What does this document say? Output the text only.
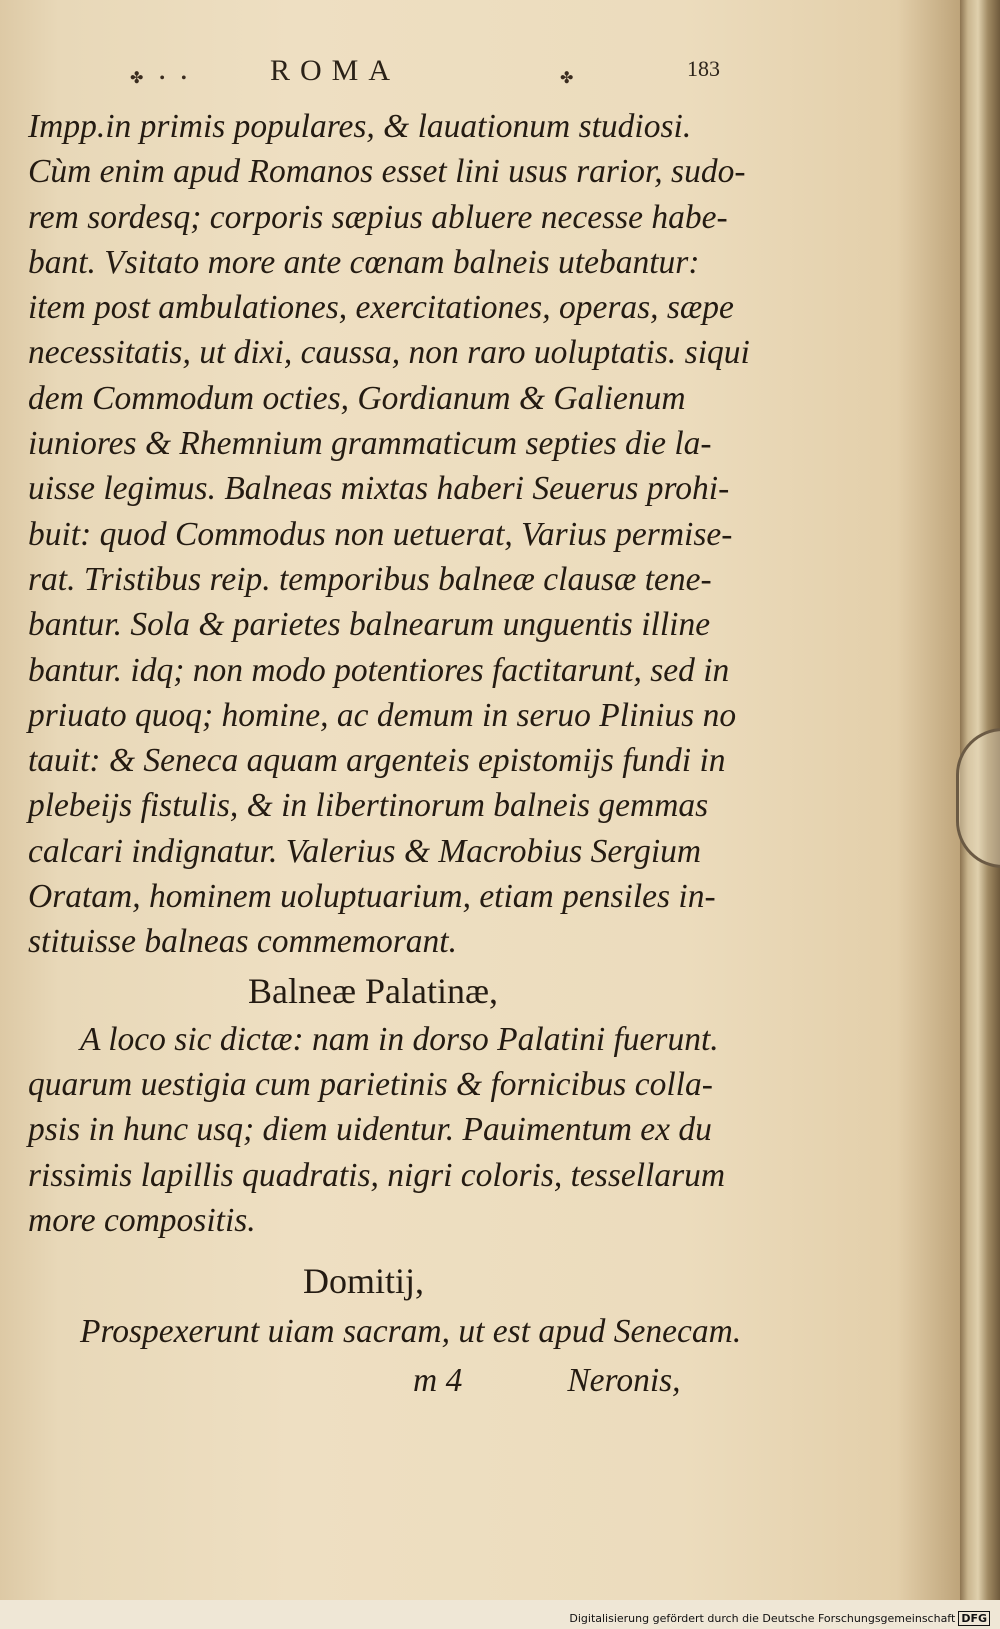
✤ • •	ROMA	✤	183
Impp.in primis populares, & lauationum studiosi.
Cùm enim apud Romanos esset lini usus rarior, sudo-
rem sordesq; corporis sæpius abluere necesse habe-
bant. Vsitato more ante cœnam balneis utebantur:
item post ambulationes, exercitationes, operas, sæpe
necessitatis, ut dixi, caussa, non raro uoluptatis. siqui
dem Commodum octies, Gordianum & Galienum
iuniores & Rhemnium grammaticum septies die la-
uisse legimus. Balneas mixtas haberi Seuerus prohi-
buit: quod Commodus non uetuerat, Varius permise-
rat. Tristibus reip. temporibus balneæ clausæ tene-
bantur. Sola & parietes balnearum unguentis illine
bantur. idq; non modo potentiores factitarunt, sed in
priuato quoq; homine, ac demum in seruo Plinius no
tauit: & Seneca aquam argenteis epistomijs fundi in
plebeijs fistulis, & in libertinorum balneis gemmas
calcari indignatur. Valerius & Macrobius Sergium
Oratam, hominem uoluptuarium, etiam pensiles in-
stituisse balneas commemorant.
Balneæ Palatinæ,
A loco sic dictæ: nam in dorso Palatini fuerunt.
quarum uestigia cum parietinis & fornicibus colla-
psis in hunc usq; diem uidentur. Pauimentum ex du
rissimis lapillis quadratis, nigri coloris, tessellarum
more compositis.
Domitij,
Prospexerunt uiam sacram, ut est apud Senecam.
m 4	Neronis,
Digitalisierung gefördert durch die Deutsche Forschungsgemeinschaft DFG
